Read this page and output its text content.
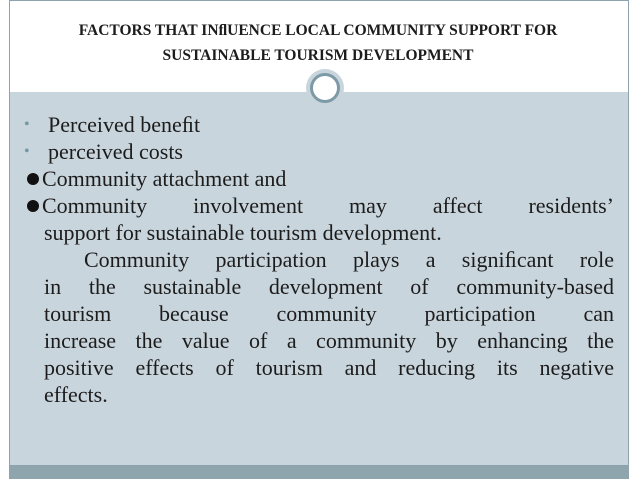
FACTORS THAT INﬂUENCE LOCAL COMMUNITY SUPPORT FOR
SUSTAINABLE TOURISM DEVELOPMENT

• Perceived beneﬁt

• perceived costs

Community attachment and

Community involvement may affect residents’
support for sustainable tourism development.
Community participation plays a signiﬁcant role
in the sustainable development of community-based
tourism because community participation can
increase the value of a community by enhancing the
positive effects of tourism and reducing its negative
effects.
